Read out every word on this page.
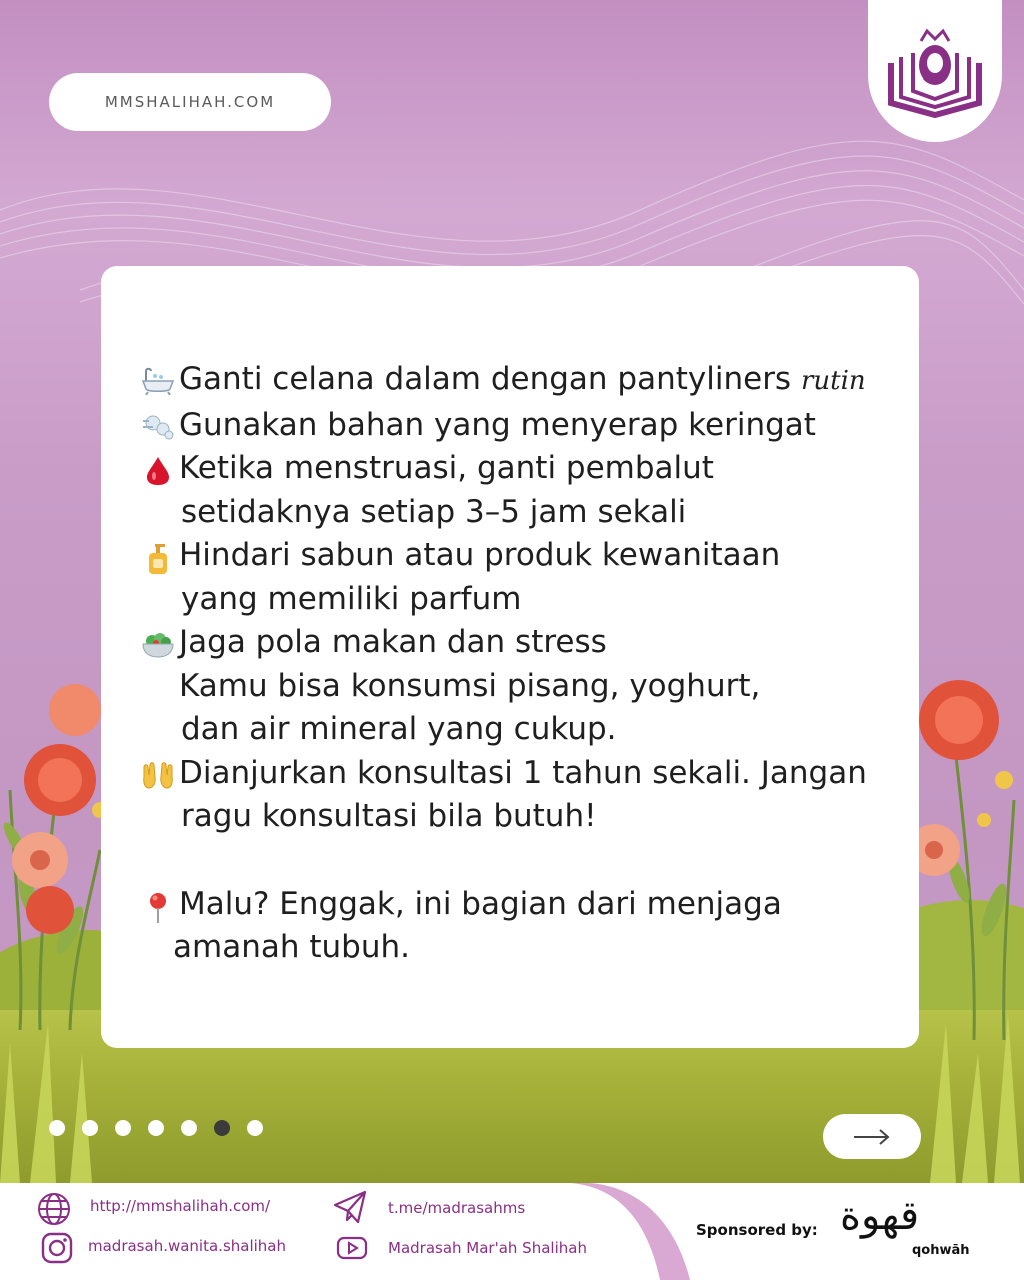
MMSHALIHAH.COM
Ganti celana dalam dengan pantyliners rutin
Gunakan bahan yang menyerap keringat
Ketika menstruasi, ganti pembalut
setidaknya setiap 3–5 jam sekali
Hindari sabun atau produk kewanitaan
yang memiliki parfum
Jaga pola makan dan stress
Kamu bisa konsumsi pisang, yoghurt,
dan air mineral yang cukup.
Dianjurkan konsultasi 1 tahun sekali. Jangan
ragu konsultasi bila butuh!
Malu? Enggak, ini bagian dari menjaga
amanah tubuh.
http://mmshalihah.com/
madrasah.wanita.shalihah
t.me/madrasahms
Madrasah Mar'ah Shalihah
Sponsored by: قهوة
qohwāh
